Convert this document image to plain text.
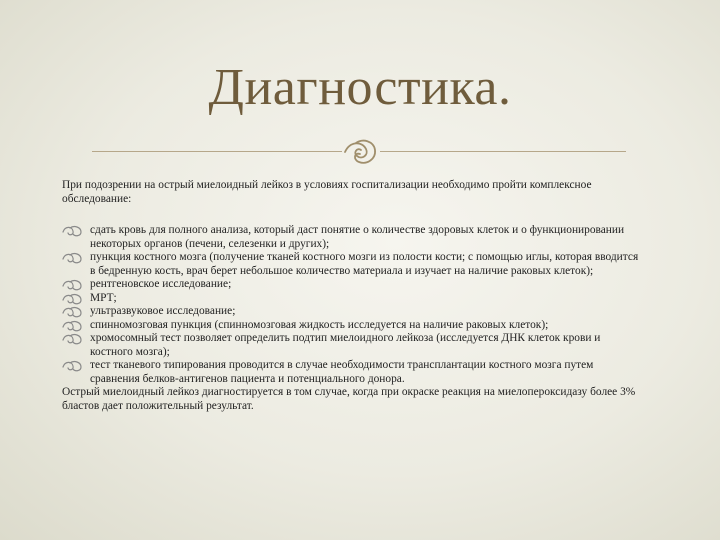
Диагностика.

При подозрении на острый миелоидный лейкоз в условиях госпитализации необходимо пройти комплексное обследование:

сдать кровь для полного анализа, который даст понятие о количестве здоровых клеток и о функционировании некоторых органов (печени, селезенки и других);
пункция костного мозга (получение тканей костного мозги из полости кости; с помощью иглы, которая вводится в бедренную кость, врач берет небольшое количество материала и изучает на наличие раковых клеток);
рентгеновское исследование;
МРТ;
ультразвуковое исследование;
спинномозговая пункция (спинномозговая жидкость исследуется на наличие раковых клеток);
хромосомный тест позволяет определить подтип миелоидного лейкоза (исследуется ДНК клеток крови и костного мозга);
тест тканевого типирования проводится в случае необходимости трансплантации костного мозга путем сравнения белков-антигенов пациента и потенциального донора.

Острый миелоидный лейкоз диагностируется в том случае, когда при окраске реакция на миелопероксидазу более 3% бластов дает положительный результат.
